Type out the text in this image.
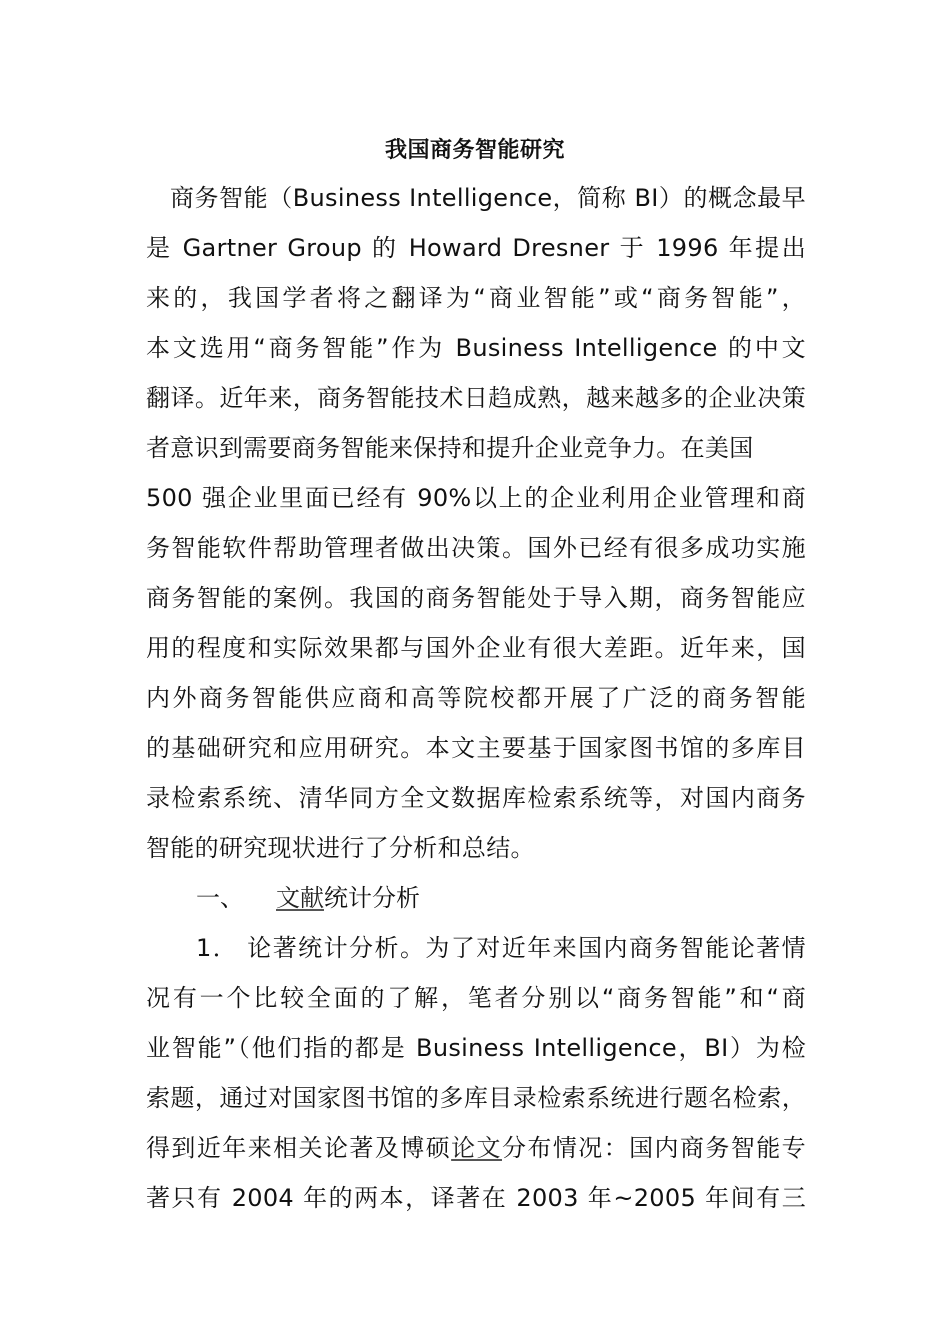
我国商务智能研究
商务智能（Business Intelligence，简称 BI）的概念最早
是 Gartner Group 的 Howard Dresner 于 1996 年提出
来的，我国学者将之翻译为“商业智能”或“商务智能”，
本文选用“商务智能”作为 Business Intelligence 的中文
翻译。近年来，商务智能技术日趋成熟，越来越多的企业决策
者意识到需要商务智能来保持和提升企业竞争力。在美国
500 强企业里面已经有 90%以上的企业利用企业管理和商
务智能软件帮助管理者做出决策。国外已经有很多成功实施
商务智能的案例。我国的商务智能处于导入期，商务智能应
用的程度和实际效果都与国外企业有很大差距。近年来，国
内外商务智能供应商和高等院校都开展了广泛的商务智能
的基础研究和应用研究。本文主要基于国家图书馆的多库目
录检索系统、清华同方全文数据库检索系统等，对国内商务
智能的研究现状进行了分析和总结。
一、 文献统计分析
1． 论著统计分析。为了对近年来国内商务智能论著情
况有一个比较全面的了解，笔者分别以“商务智能”和“商
业智能”（他们指的都是 Business Intelligence，BI）为检
索题，通过对国家图书馆的多库目录检索系统进行题名检索，
得到近年来相关论著及博硕论文分布情况：国内商务智能专
著只有 2004 年的两本，译著在 2003 年~2005 年间有三
